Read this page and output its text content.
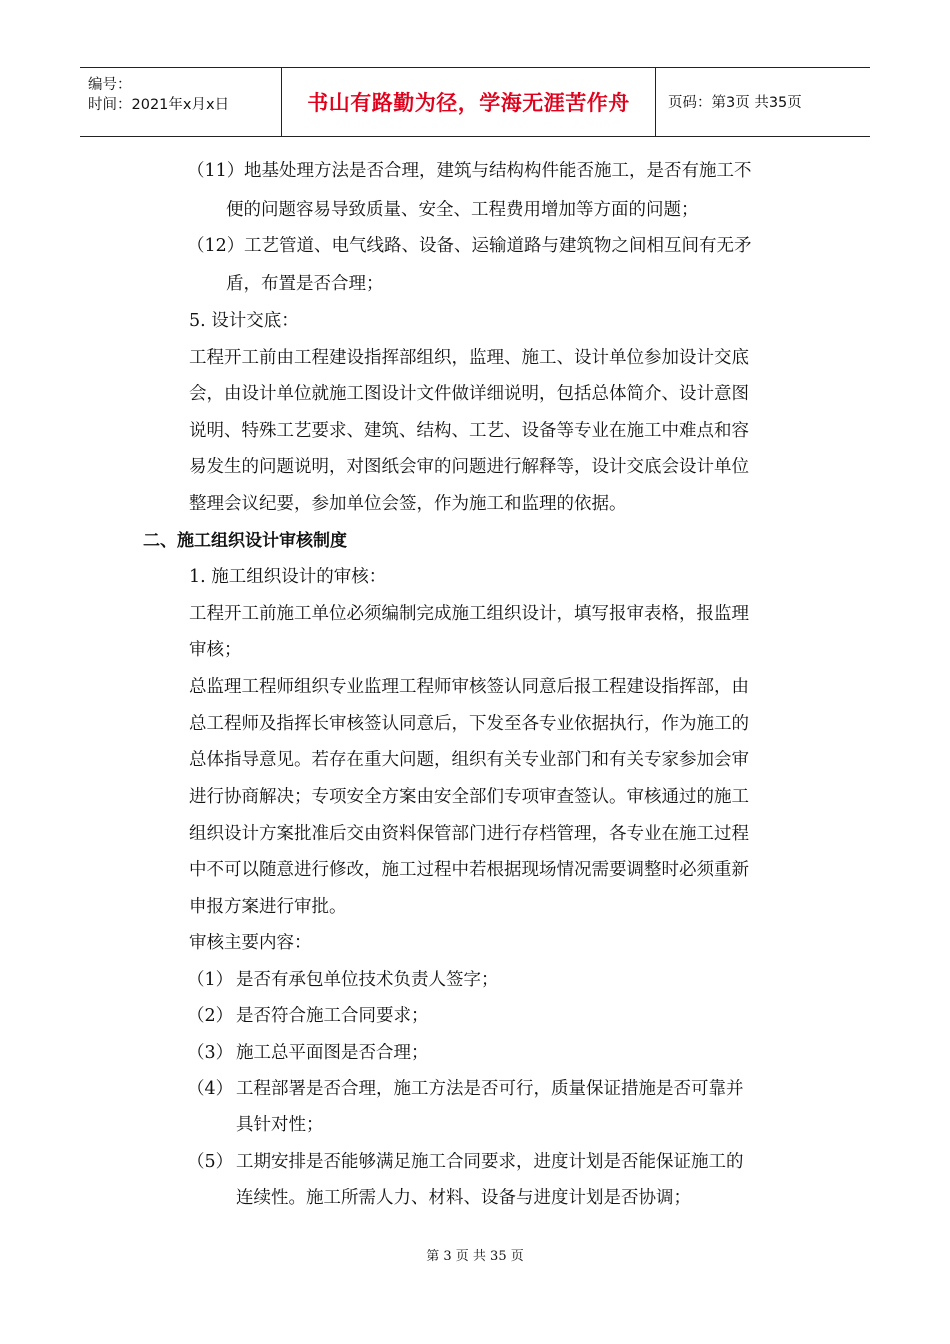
编号：
时间：2021年x月x日	书山有路勤为径，学海无涯苦作舟	页码：第3页 共35页
（11） 地基处理方法是否合理，建筑与结构构件能否施工，是否有施工不
便的问题容易导致质量、安全、工程费用增加等方面的问题；
（12） 工艺管道、电气线路、设备、运输道路与建筑物之间相互间有无矛
盾，布置是否合理；
5. 设计交底：
工程开工前由工程建设指挥部组织，监理、施工、设计单位参加设计交底
会，由设计单位就施工图设计文件做详细说明，包括总体简介、设计意图
说明、特殊工艺要求、建筑、结构、工艺、设备等专业在施工中难点和容
易发生的问题说明，对图纸会审的问题进行解释等，设计交底会设计单位
整理会议纪要，参加单位会签，作为施工和监理的依据。
二、施工组织设计审核制度
1. 施工组织设计的审核：
工程开工前施工单位必须编制完成施工组织设计，填写报审表格，报监理
审核；
总监理工程师组织专业监理工程师审核签认同意后报工程建设指挥部，由
总工程师及指挥长审核签认同意后，下发至各专业依据执行，作为施工的
总体指导意见。若存在重大问题，组织有关专业部门和有关专家参加会审
进行协商解决；专项安全方案由安全部们专项审查签认。审核通过的施工
组织设计方案批准后交由资料保管部门进行存档管理，各专业在施工过程
中不可以随意进行修改，施工过程中若根据现场情况需要调整时必须重新
申报方案进行审批。
审核主要内容：
（1） 是否有承包单位技术负责人签字；
（2） 是否符合施工合同要求；
（3） 施工总平面图是否合理；
（4） 工程部署是否合理，施工方法是否可行，质量保证措施是否可靠并
具针对性；
（5） 工期安排是否能够满足施工合同要求，进度计划是否能保证施工的
连续性。施工所需人力、材料、设备与进度计划是否协调；
第 3 页 共 35 页
